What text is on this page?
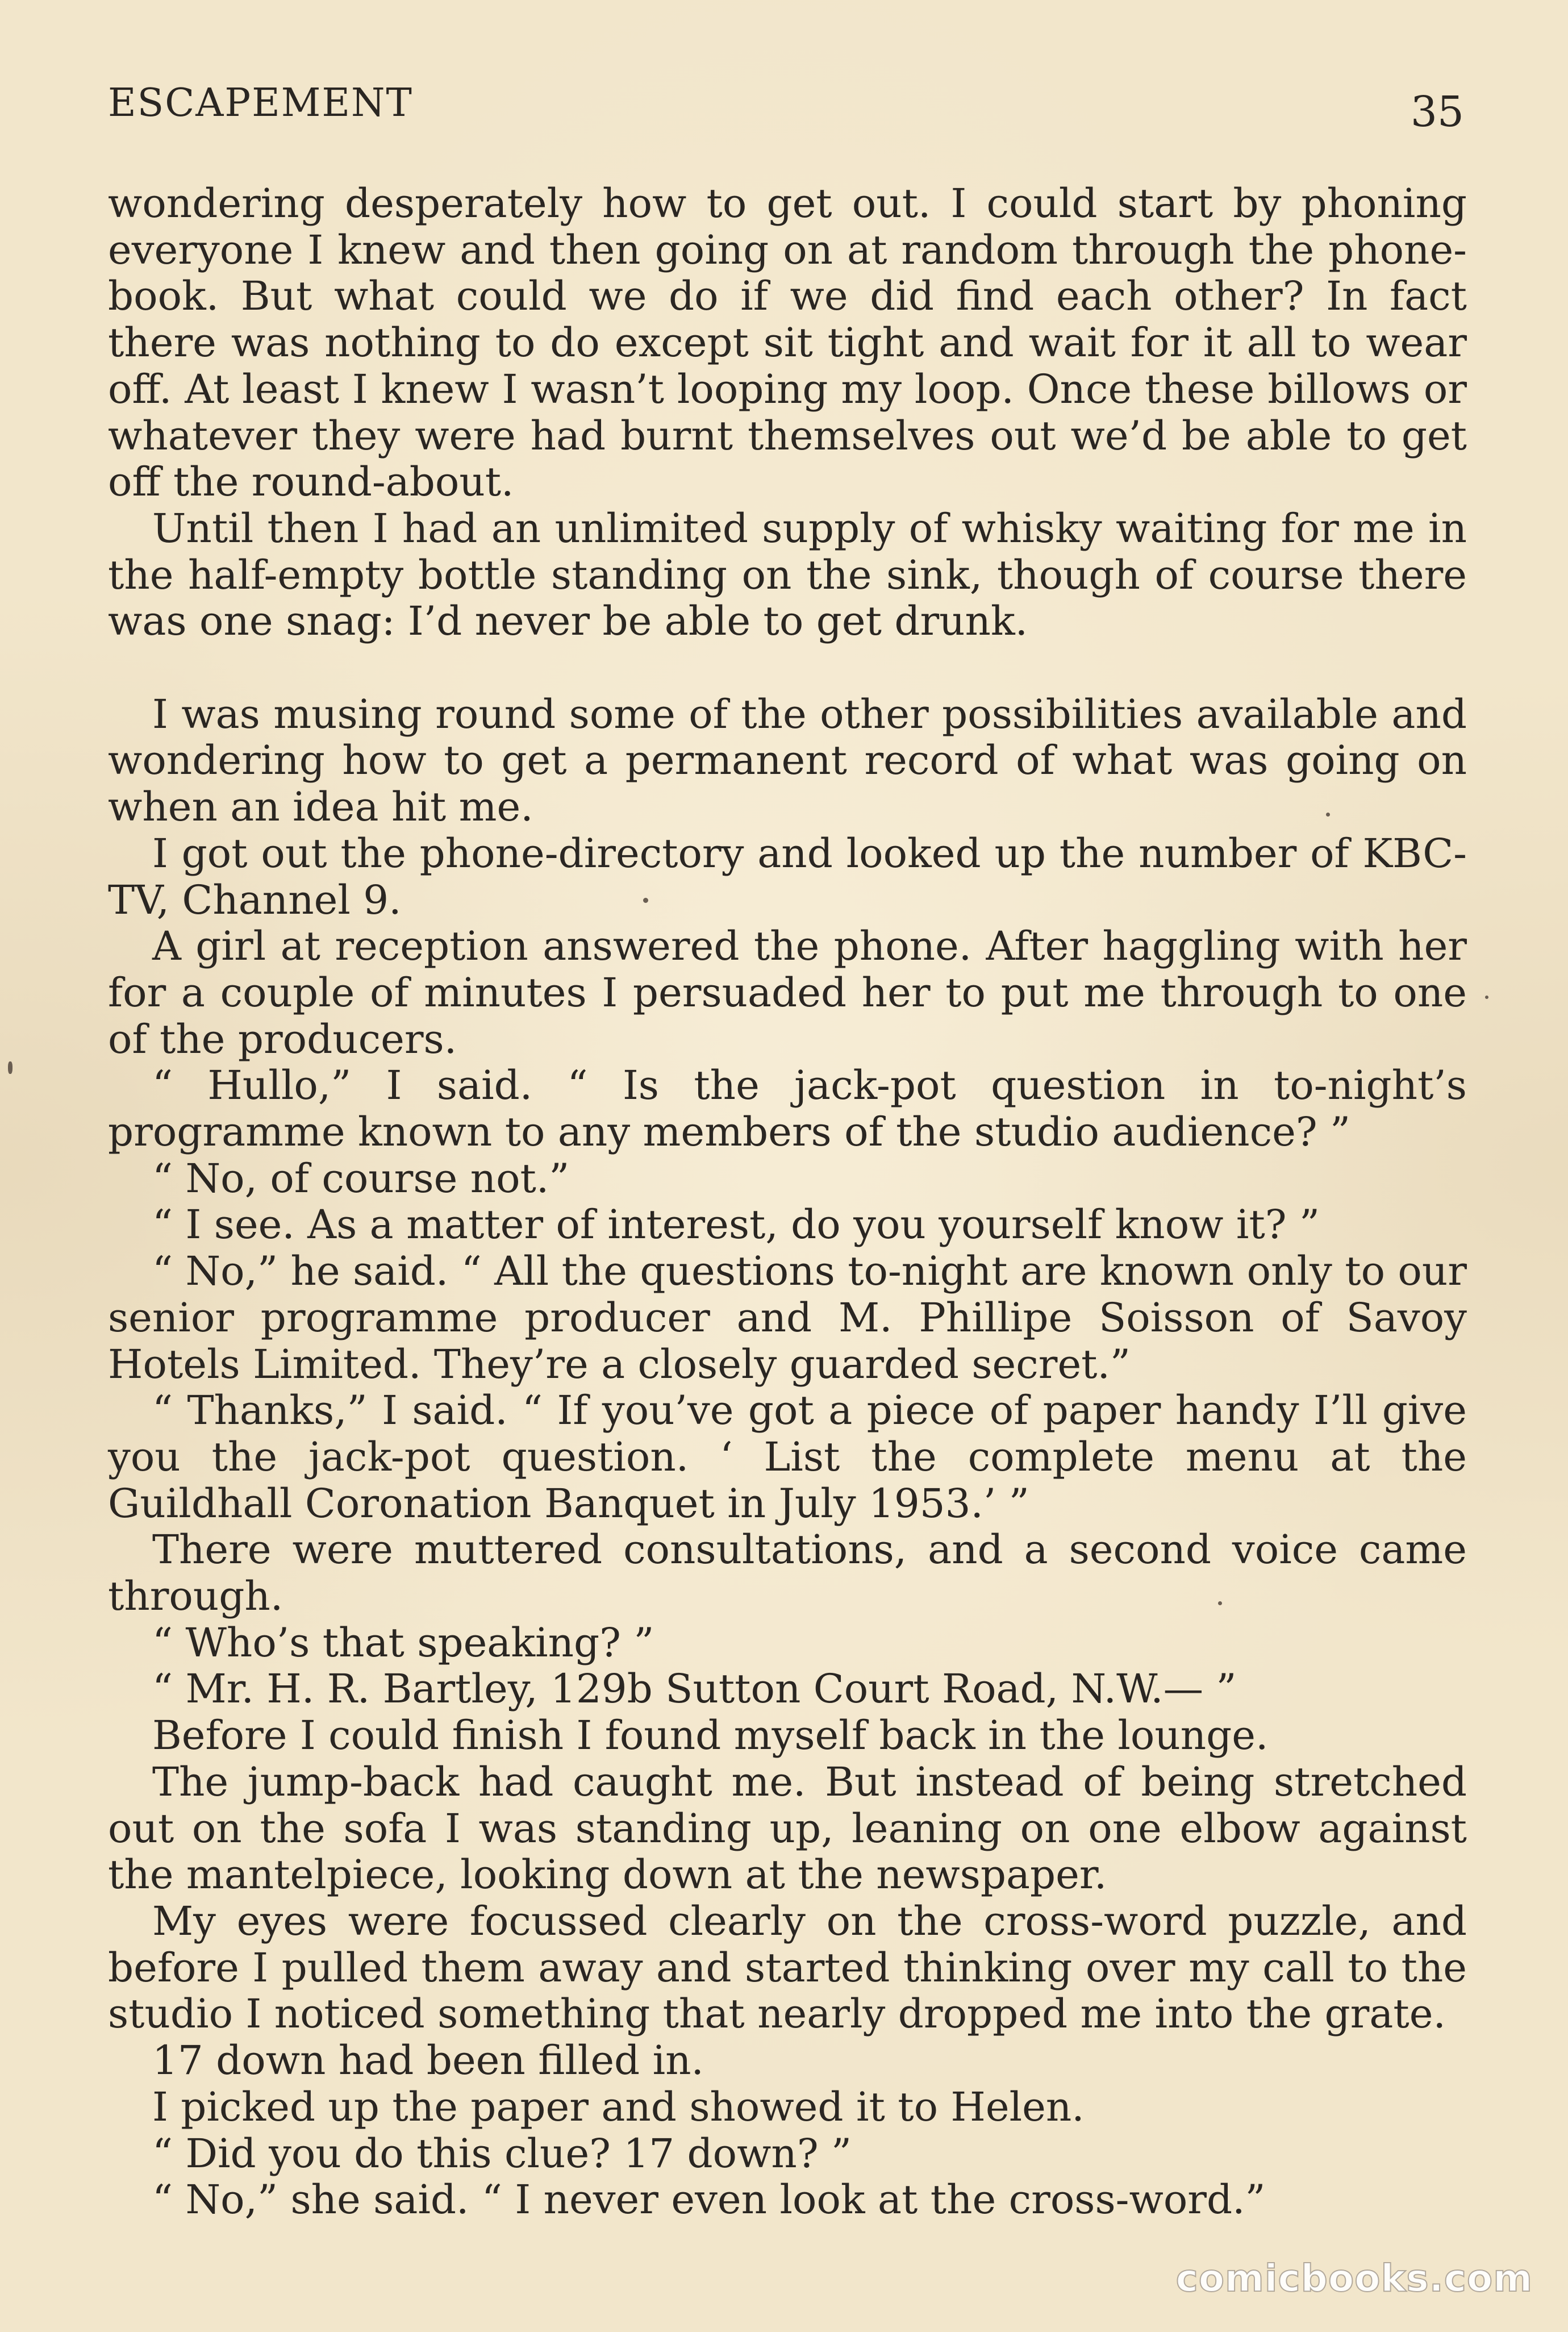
ESCAPEMENT	35

wondering desperately how to get out. I could start by phoning everyone I knew and then going on at random through the phone-book. But what could we do if we did find each other? In fact there was nothing to do except sit tight and wait for it all to wear off. At least I knew I wasn’t looping my loop. Once these billows or whatever they were had burnt themselves out we’d be able to get off the round-about.

Until then I had an unlimited supply of whisky waiting for me in the half-empty bottle standing on the sink, though of course there was one snag: I’d never be able to get drunk.

I was musing round some of the other possibilities available and wondering how to get a permanent record of what was going on when an idea hit me.

I got out the phone-directory and looked up the number of KBC-TV, Channel 9.

A girl at reception answered the phone. After haggling with her for a couple of minutes I persuaded her to put me through to one of the producers.

“ Hullo,” I said. “ Is the jack-pot question in to-night’s programme known to any members of the studio audience? ”

“ No, of course not.”

“ I see. As a matter of interest, do you yourself know it? ”

“ No,” he said. “ All the questions to-night are known only to our senior programme producer and M. Phillipe Soisson of Savoy Hotels Limited. They’re a closely guarded secret.”

“ Thanks,” I said. “ If you’ve got a piece of paper handy I’ll give you the jack-pot question. ‘ List the complete menu at the Guildhall Coronation Banquet in July 1953.’ ”

There were muttered consultations, and a second voice came through.

“ Who’s that speaking? ”

“ Mr. H. R. Bartley, 129b Sutton Court Road, N.W.— ”

Before I could finish I found myself back in the lounge.

The jump-back had caught me. But instead of being stretched out on the sofa I was standing up, leaning on one elbow against the mantelpiece, looking down at the newspaper.

My eyes were focussed clearly on the cross-word puzzle, and before I pulled them away and started thinking over my call to the studio I noticed something that nearly dropped me into the grate.

17 down had been filled in.

I picked up the paper and showed it to Helen.

“ Did you do this clue? 17 down? ”

“ No,” she said. “ I never even look at the cross-word.”

comicbooks.com
